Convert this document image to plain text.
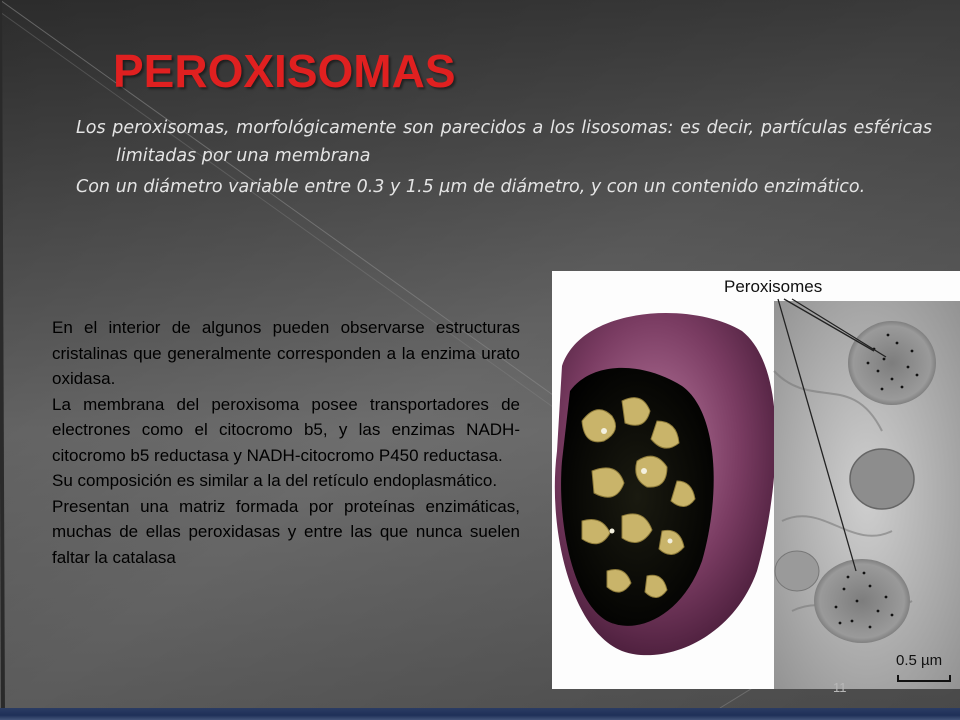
PEROXISOMAS
Los peroxisomas, morfológicamente son parecidos a los lisosomas: es decir, partículas esféricas limitadas por una membrana
Con un diámetro variable entre 0.3 y 1.5 µm de diámetro, y con un contenido enzimático.

En el interior de algunos pueden observarse estructuras cristalinas que generalmente corresponden a la enzima urato oxidasa.

La membrana del peroxisoma posee transportadores de electrones como el citocromo b5, y las enzimas NADH-citocromo b5 reductasa y NADH-citocromo P450 reductasa.

Su composición es similar a la del retículo endoplasmático.

Presentan una matriz formada por proteínas enzimáticas, muchas de ellas peroxidasas y entre las que nunca suelen faltar la catalasa

Peroxisomes
0.5 µm
11
